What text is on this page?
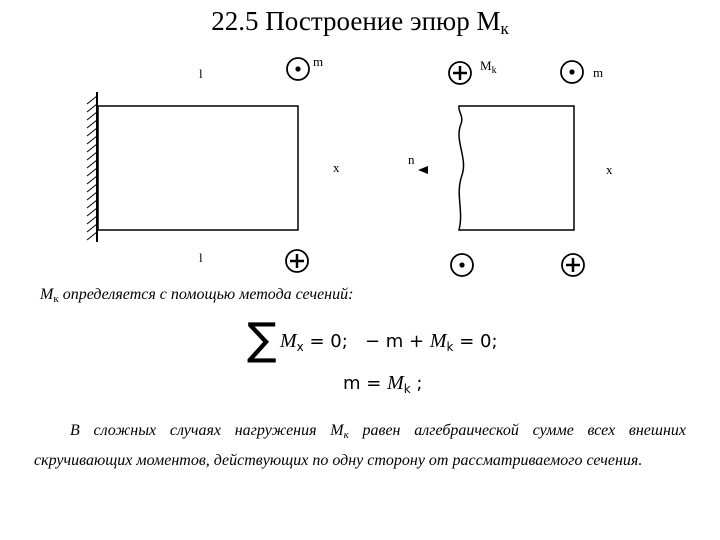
22.5 Построение эпюр $M_к$
l
l
m
x
n
$M_k$	m
x
$M_к$ определяется с помощью метода сечений:
∑ $M_x = 0$;   − $m + M_k = 0$;
$m = M_k$ ;
В сложных случаях нагружения $M_к$ равен алгебраической сумме всех внешних скручивающих моментов, действующих по одну сторону от рассматриваемого сечения.
